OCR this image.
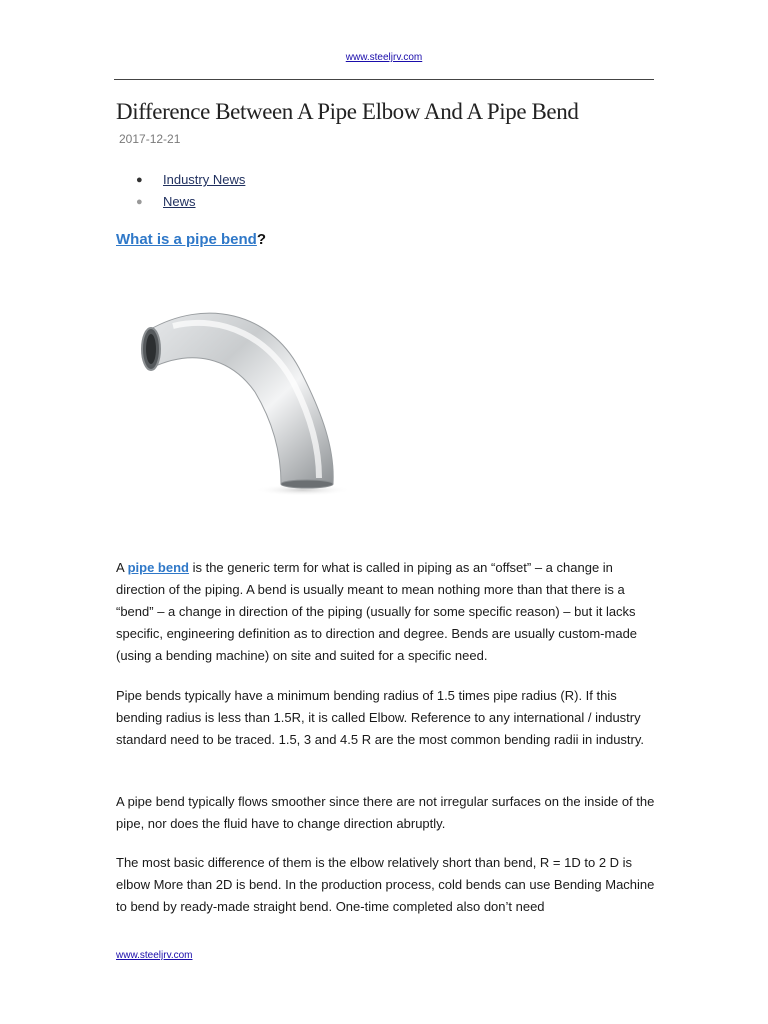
www.steeljrv.com
Difference Between A Pipe Elbow And A Pipe Bend
2017-12-21
● Industry News
● News
What is a pipe bend?

A pipe bend is the generic term for what is called in piping as an “offset” – a change in direction of the piping. A bend is usually meant to mean nothing more than that there is a “bend” – a change in direction of the piping (usually for some specific reason) – but it lacks specific, engineering definition as to direction and degree. Bends are usually custom-made (using a bending machine) on site and suited for a specific need.

Pipe bends typically have a minimum bending radius of 1.5 times pipe radius (R). If this bending radius is less than 1.5R, it is called Elbow. Reference to any international / industry standard need to be traced. 1.5, 3 and 4.5 R are the most common bending radii in industry.

A pipe bend typically flows smoother since there are not irregular surfaces on the inside of the pipe, nor does the fluid have to change direction abruptly.

The most basic difference of them is the elbow relatively short than bend, R = 1D to 2 D is elbow More than 2D is bend. In the production process, cold bends can use Bending Machine to bend by ready-made straight bend. One-time completed also don’t need

www.steeljrv.com
